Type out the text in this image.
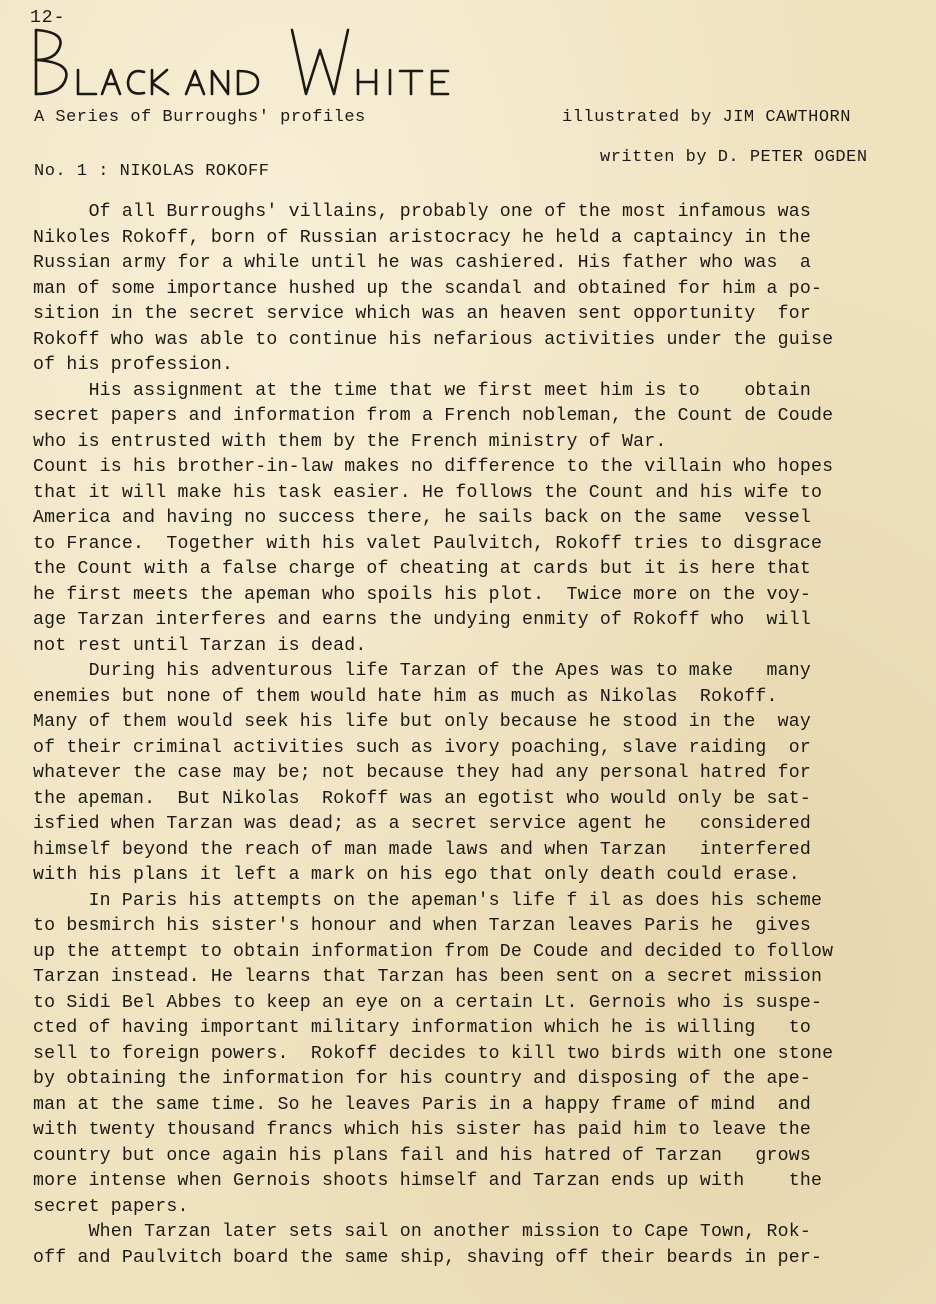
12-
A Series of Burroughs' profiles	illustrated by JIM CAWTHORN
written by D. PETER OGDEN
No. 1 : NIKOLAS ROKOFF
Of all Burroughs' villains, probably one of the most infamous was
Nikoles Rokoff, born of Russian aristocracy he held a captaincy in the
Russian army for a while until he was cashiered. His father who was  a
man of some importance hushed up the scandal and obtained for him a po-
sition in the secret service which was an heaven sent opportunity  for
Rokoff who was able to continue his nefarious activities under the guise
of his profession.
His assignment at the time that we first meet him is to    obtain
secret papers and information from a French nobleman, the Count de Coude
who is entrusted with them by the French ministry of War.
Count is his brother-in-law makes no difference to the villain who hopes
that it will make his task easier. He follows the Count and his wife to
America and having no success there, he sails back on the same  vessel
to France.  Together with his valet Paulvitch, Rokoff tries to disgrace
the Count with a false charge of cheating at cards but it is here that
he first meets the apeman who spoils his plot.  Twice more on the voy-
age Tarzan interferes and earns the undying enmity of Rokoff who  will
not rest until Tarzan is dead.
During his adventurous life Tarzan of the Apes was to make   many
enemies but none of them would hate him as much as Nikolas  Rokoff.
Many of them would seek his life but only because he stood in the  way
of their criminal activities such as ivory poaching, slave raiding  or
whatever the case may be; not because they had any personal hatred for
the apeman.  But Nikolas  Rokoff was an egotist who would only be sat-
isfied when Tarzan was dead; as a secret service agent he   considered
himself beyond the reach of man made laws and when Tarzan   interfered
with his plans it left a mark on his ego that only death could erase.
In Paris his attempts on the apeman's life f il as does his scheme
to besmirch his sister's honour and when Tarzan leaves Paris he  gives
up the attempt to obtain information from De Coude and decided to follow
Tarzan instead. He learns that Tarzan has been sent on a secret mission
to Sidi Bel Abbes to keep an eye on a certain Lt. Gernois who is suspe-
cted of having important military information which he is willing   to
sell to foreign powers.  Rokoff decides to kill two birds with one stone
by obtaining the information for his country and disposing of the ape-
man at the same time. So he leaves Paris in a happy frame of mind  and
with twenty thousand francs which his sister has paid him to leave the
country but once again his plans fail and his hatred of Tarzan   grows
more intense when Gernois shoots himself and Tarzan ends up with    the
secret papers.
When Tarzan later sets sail on another mission to Cape Town, Rok-
off and Paulvitch board the same ship, shaving off their beards in per-
